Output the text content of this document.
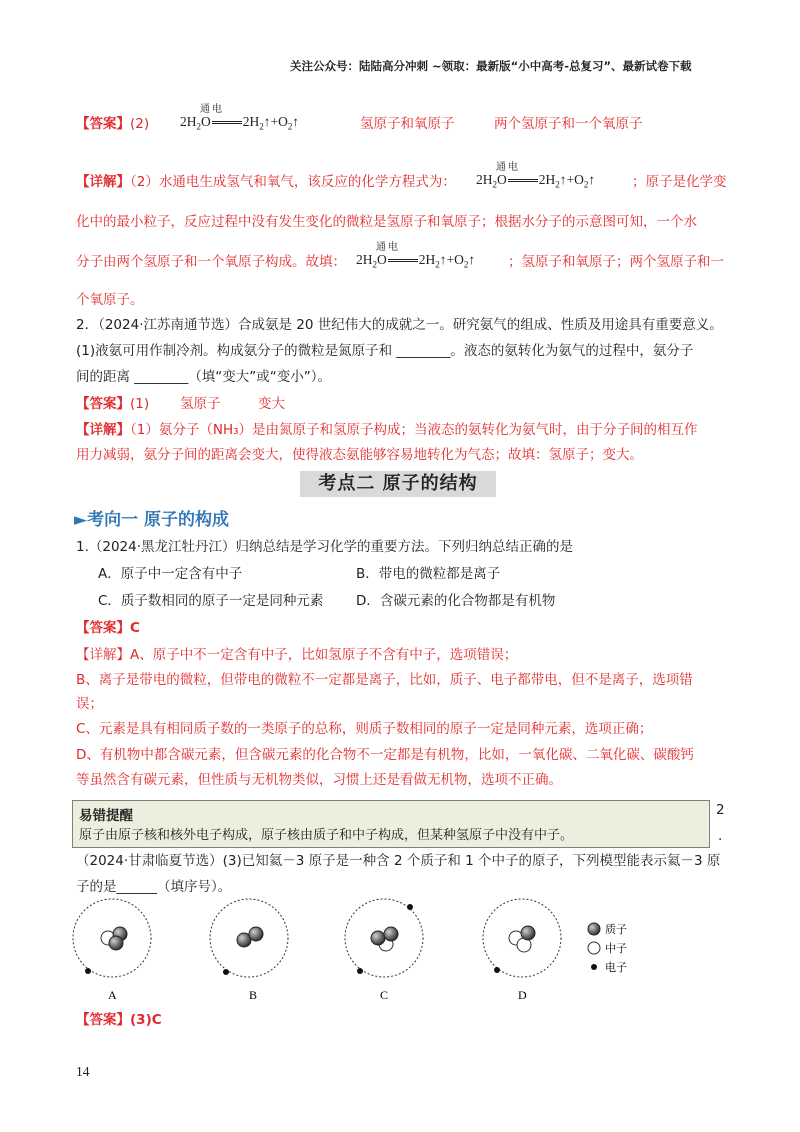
关注公众号：陆陆高分冲刺 ~领取：最新版“小中高考-总复习”、最新试卷下载
【答案】(2) $2H_2O$
通电
$2H_2↑+O_2↑$	氢原子和氧原子	两个氢原子和一个氧原子
【详解】（2）水通电生成氢气和氧气，该反应的化学方程式为： $2H_2O$
通电
$2H_2↑+O_2↑$	；原子是化学变
化中的最小粒子，反应过程中没有发生变化的微粒是氢原子和氧原子；根据水分子的示意图可知，一个水
分子由两个氢原子和一个氧原子构成。故填： $2H_2O$
通电
$2H_2↑+O_2↑$ ；氢原子和氧原子；两个氢原子和一
个氧原子。
2．（2024·江苏南通节选）合成氨是 20 世纪伟大的成就之一。研究氨气的组成、性质及用途具有重要意义。
(1)液氨可用作制冷剂。构成氨分子的微粒是氮原子和 ________。液态的氨转化为氨气的过程中，氨分子
间的距离 ________（填“变大”或“变小”）。
【答案】(1) 氢原子	变大
【详解】（1）氨分子（NH₃）是由氮原子和氢原子构成；当液态的氨转化为氨气时，由于分子间的相互作
用力减弱，氨分子间的距离会变大，使得液态氨能够容易地转化为气态；故填：氢原子；变大。
考点二 原子的结构
►考向一 原子的构成
1.（2024·黑龙江牡丹江）归纳总结是学习化学的重要方法。下列归纳总结正确的是
A．原子中一定含有中子	B．带电的微粒都是离子
C．质子数相同的原子一定是同种元素 D．含碳元素的化合物都是有机物
【答案】C
【详解】A、原子中不一定含有中子，比如氢原子不含有中子，选项错误；
B、离子是带电的微粒，但带电的微粒不一定都是离子，比如，质子、电子都带电，但不是离子，选项错
误；
C、元素是具有相同质子数的一类原子的总称，则质子数相同的原子一定是同种元素，选项正确；
D、有机物中都含碳元素，但含碳元素的化合物不一定都是有机物，比如，一氧化碳、二氧化碳、碳酸钙
等虽然含有碳元素，但性质与无机物类似，习惯上还是看做无机物，选项不正确。
易错提醒
原子由原子核和核外电子构成，原子核由质子和中子构成，但某种氢原子中没有中子。
2
.
（2024·甘肃临夏节选）(3)已知氦－3 原子是一种含 2 个质子和 1 个中子的原子，下列模型能表示氦－3 原
子的是______（填序号）。
A	B	C	D
质子
中子
电子
【答案】(3)C
14
